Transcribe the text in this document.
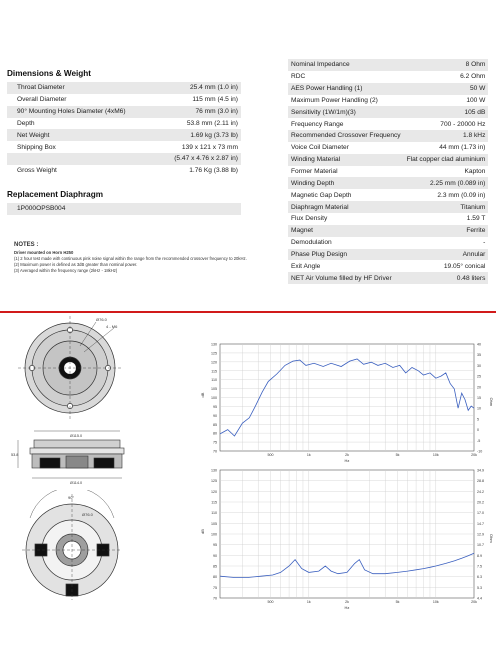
Dimensions & Weight
Throat Diameter	25.4 mm (1.0 in)
Overall Diameter	115 mm (4.5 in)
90° Mounting Holes Diameter (4xM6)	76 mm (3.0 in)
Depth	53.8 mm (2.11 in)
Net Weight	1.69 kg (3.73 lb)
Shipping Box	139 x 121 x 73 mm
	(5.47 x 4.76 x 2.87 in)
Gross Weight	1.76 Kg (3.88 lb)
Replacement Diaphragm
1P000OPSB004
NOTES :
Driver mounted on Horn H250
(1) 2 hour test made with continuous pink noise signal within the range from the recommended crossover frequency to 20kHz.
(2) Maximum power is defined as 3dB greater than nominal power.
(3) Averaged within the frequency range (2kHz - 18kHz)
Nominal Impedance	8 Ohm
RDC	6.2 Ohm
AES Power Handling (1)	50 W
Maximum Power Handling (2)	100 W
Sensitivity (1W/1m)(3)	105 dB
Frequency Range	700 - 20000 Hz
Recommended Crossover Frequency	1.8 kHz
Voice Coil Diameter	44 mm (1.73 in)
Winding Material	Flat copper clad aluminium
Former Material	Kapton
Winding Depth	2.25 mm (0.089 in)
Magnetic Gap Depth	2.3 mm (0.09 in)
Diaphragm Material	Titanium
Flux Density	1.59 T
Magnet	Ferrite
Demodulation	-
Phase Plug Design	Annular
Exit Angle	19.05° conical
NET Air Volume filled by HF Driver	0.48 liters
Ø76.0
4 - M6
Ø115.0
Ø114.0
53.8
90°
Ø76.0
130
125
120
115
110
105
100
95
90
85
80
75
70
40
35
30
25
20
15
10
5
0
-5
-10
500	1k	2k	5k	10k	20k
dB
Ohm
Hz
130
125
120
115
110
105
100
95
90
85
80
75
70
34.9
28.8
24.2
20.2
17.0
14.7
12.9
10.7
8.9
7.5
6.3
5.3
4.4
500	1k	2k	5k	10k	20k
dB
Ohm
Hz
